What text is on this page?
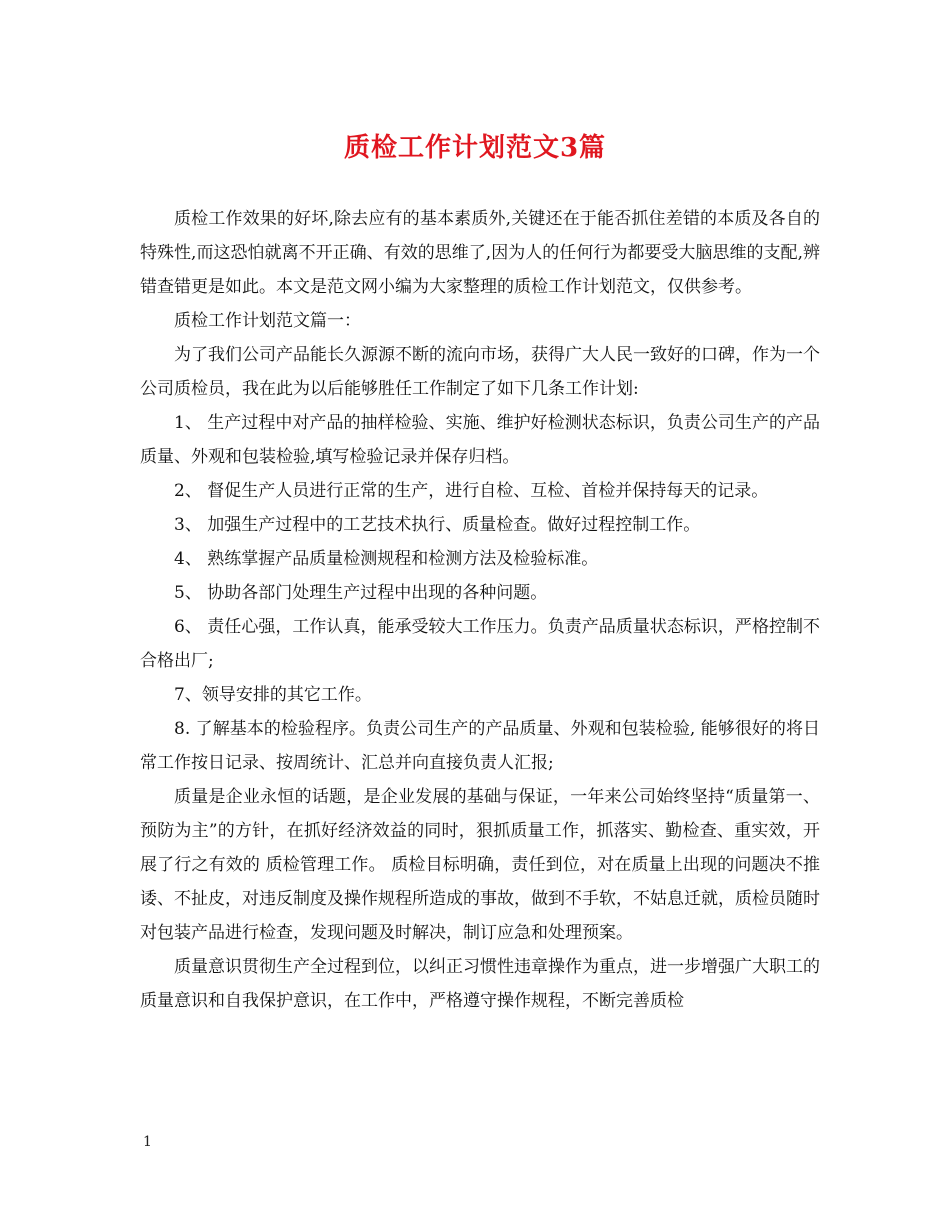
质检工作计划范文3篇

质检工作效果的好坏,除去应有的基本素质外,关键还在于能否抓住差错的本质及各自的特殊性,而这恐怕就离不开正确、有效的思维了,因为人的任何行为都要受大脑思维的支配,辨错查错更是如此。本文是范文网小编为大家整理的质检工作计划范文，仅供参考。

质检工作计划范文篇一：

为了我们公司产品能长久源源不断的流向市场，获得广大人民一致好的口碑，作为一个公司质检员，我在此为以后能够胜任工作制定了如下几条工作计划:

1、 生产过程中对产品的抽样检验、实施、维护好检测状态标识，负责公司生产的产品质量、外观和包装检验,填写检验记录并保存归档。

2、 督促生产人员进行正常的生产，进行自检、互检、首检并保持每天的记录。

3、 加强生产过程中的工艺技术执行、质量检查。做好过程控制工作。

4、 熟练掌握产品质量检测规程和检测方法及检验标准。

5、 协助各部门处理生产过程中出现的各种问题。

6、 责任心强，工作认真，能承受较大工作压力。负责产品质量状态标识，严格控制不合格出厂;

7、领导安排的其它工作。

8. 了解基本的检验程序。负责公司生产的产品质量、外观和包装检验, 能够很好的将日常工作按日记录、按周统计、汇总并向直接负责人汇报;

质量是企业永恒的话题，是企业发展的基础与保证，一年来公司始终坚持“质量第一、预防为主”的方针，在抓好经济效益的同时，狠抓质量工作，抓落实、勤检查、重实效，开展了行之有效的 质检管理工作。 质检目标明确，责任到位，对在质量上出现的问题决不推诿、不扯皮，对违反制度及操作规程所造成的事故，做到不手软，不姑息迁就，质检员随时对包装产品进行检查，发现问题及时解决，制订应急和处理预案。

质量意识贯彻生产全过程到位，以纠正习惯性违章操作为重点，进一步增强广大职工的质量意识和自我保护意识，在工作中，严格遵守操作规程，不断完善质检

1
